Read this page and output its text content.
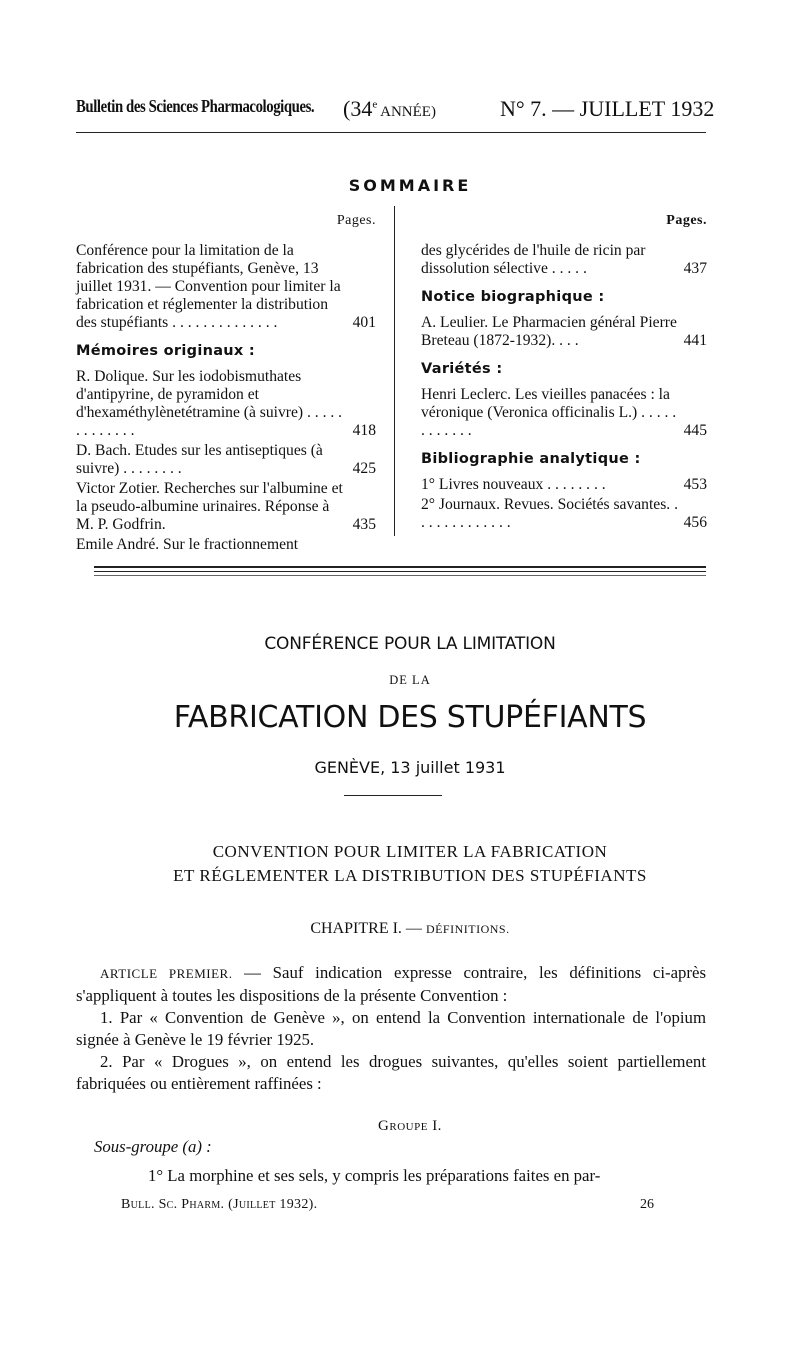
Bulletin des Sciences Pharmacologiques. (34e ANNÉE)	N° 7. — JUILLET 1932
SOMMAIRE
Pages.
Conférence pour la limitation de la fabrication des stupéfiants, Genève, 13 juillet 1931. — Convention pour limiter la fabrication et réglementer la distribution des stupéfiants . . . . . . . . . . . . . .	401
Mémoires originaux :
R. Dolique. Sur les iodobismuthates d'antipyrine, de pyramidon et d'hexaméthylènetétramine (à suivre) . . . . . . . . . . . . .	418
D. Bach. Etudes sur les antiseptiques (à suivre) . . . . . . . .	425
Victor Zotier. Recherches sur l'albumine et la pseudo-albumine urinaires. Réponse à M. P. Godfrin.	435
Emile André. Sur le fractionnement
Pages.
des glycérides de l'huile de ricin par dissolution sélective . . . . .	437
Notice biographique :
A. Leulier. Le Pharmacien général Pierre Breteau (1872-1932). . . .	441
Variétés :
Henri Leclerc. Les vieilles panacées : la véronique (Veronica officinalis L.) . . . . . . . . . . . .	445
Bibliographie analytique :
1° Livres nouveaux . . . . . . . .	453
2° Journaux. Revues. Sociétés savantes. . . . . . . . . . . . . .	456
CONFÉRENCE POUR LA LIMITATION
DE LA
FABRICATION DES STUPÉFIANTS
GENÈVE, 13 juillet 1931
CONVENTION POUR LIMITER LA FABRICATION
ET RÉGLEMENTER LA DISTRIBUTION DES STUPÉFIANTS
CHAPITRE I. — DÉFINITIONS.
ARTICLE PREMIER. — Sauf indication expresse contraire, les définitions ci-après s'appliquent à toutes les dispositions de la présente Convention :
1. Par « Convention de Genève », on entend la Convention internationale de l'opium signée à Genève le 19 février 1925.
2. Par « Drogues », on entend les drogues suivantes, qu'elles soient partiellement fabriquées ou entièrement raffinées :
Groupe I.
Sous-groupe (a) :
1° La morphine et ses sels, y compris les préparations faites en par-
Bull. Sc. Pharm. (Juillet 1932).	26
